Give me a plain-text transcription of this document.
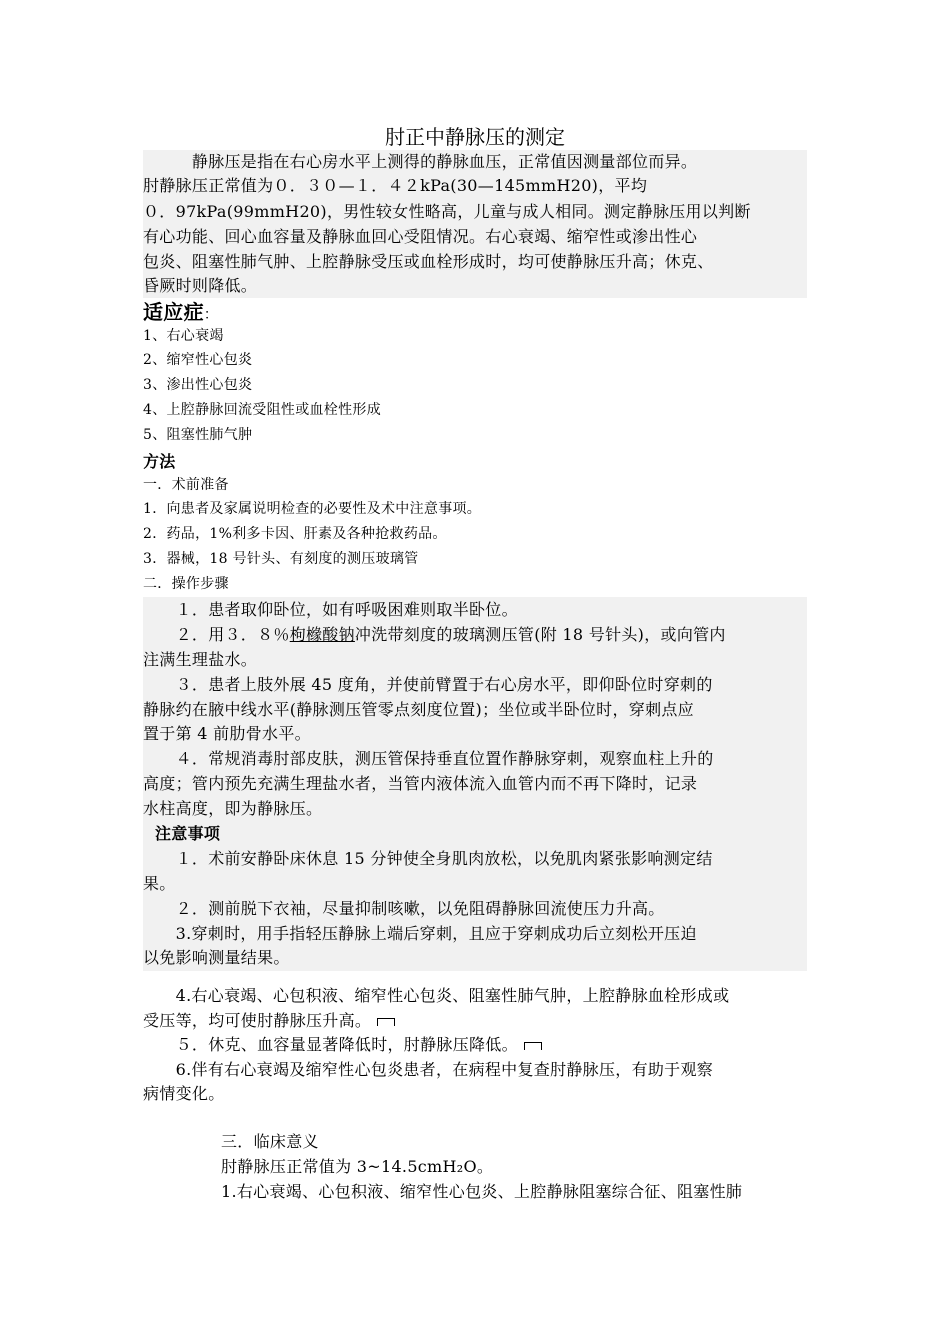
肘正中静脉压的测定
　　　静脉压是指在右心房水平上测得的静脉血压，正常值因测量部位而异。
肘静脉压正常值为０．３０—１．４２kPa(30—145mmH20)，平均
０．97kPa(99mmH20)，男性较女性略高，儿童与成人相同。测定静脉压用以判断
有心功能、回心血容量及静脉血回心受阻情况。右心衰竭、缩窄性或渗出性心
包炎、阻塞性肺气肿、上腔静脉受压或血栓形成时，均可使静脉压升高；休克、
昏厥时则降低。
适应症：
1、右心衰竭
2、缩窄性心包炎
3、渗出性心包炎
4、上腔静脉回流受阻性或血栓性形成
5、阻塞性肺气肿
方法
一．术前准备
1．向患者及家属说明检查的必要性及术中注意事项。
2．药品，1%利多卡因、肝素及各种抢救药品。
3．器械，18 号针头、有刻度的测压玻璃管
二．操作步骤
　　１．患者取仰卧位，如有呼吸困难则取半卧位。
　　２．用３．８％枸橼酸钠冲洗带刻度的玻璃测压管(附 18 号针头)，或向管内
注满生理盐水。
　　３．患者上肢外展 45 度角，并使前臂置于右心房水平，即仰卧位时穿刺的
静脉约在腋中线水平(静脉测压管零点刻度位置)；坐位或半卧位时，穿刺点应
置于第 4 前肋骨水平。
　　４．常规消毒肘部皮肤，测压管保持垂直位置作静脉穿刺，观察血柱上升的
高度；管内预先充满生理盐水者，当管内液体流入血管内而不再下降时，记录
水柱高度，即为静脉压。
注意事项
　　１．术前安静卧床休息 15 分钟使全身肌肉放松，以免肌肉紧张影响测定结
果。
　　２．测前脱下衣袖，尽量抑制咳嗽，以免阻碍静脉回流使压力升高。
　　3.穿刺时，用手指轻压静脉上端后穿刺，且应于穿刺成功后立刻松开压迫
以免影响测量结果。
　　4.右心衰竭、心包积液、缩窄性心包炎、阻塞性肺气肿，上腔静脉血栓形成或
受压等，均可使肘静脉压升高。
　　５．休克、血容量显著降低时，肘静脉压降低。
　　6.伴有右心衰竭及缩窄性心包炎患者，在病程中复查肘静脉压，有助于观察
病情变化。
三．临床意义
肘静脉压正常值为 3~14.5cmH₂O。
1.右心衰竭、心包积液、缩窄性心包炎、上腔静脉阻塞综合征、阻塞性肺
